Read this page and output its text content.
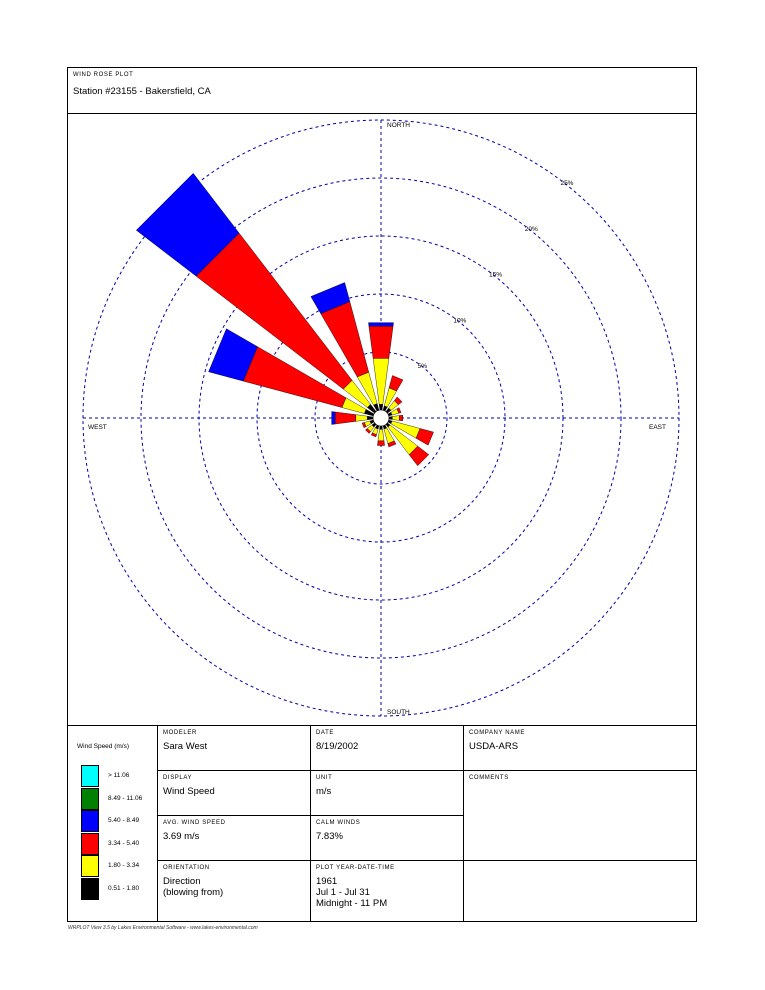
WIND ROSE PLOT
Station #23155 - Bakersfield, CA
5%
10%
15%
20%
25%
NORTH
SOUTH
EAST
WEST
Wind Speed (m/s)
> 11.06
8.49 - 11.06
5.40 - 8.49
3.34 - 5.40
1.80 - 3.34
0.51 - 1.80
MODELER
Sara West
DATE
8/19/2002
COMPANY NAME
USDA-ARS
DISPLAY
Wind Speed
UNIT
m/s
COMMENTS
AVG. WIND SPEED
3.69 m/s
CALM WINDS
7.83%
ORIENTATION
Direction
(blowing from)
PLOT YEAR-DATE-TIME
1961
Jul 1 - Jul 31
Midnight - 11 PM
WRPLOT View 3.5 by Lakes Environmental Software - www.lakes-environmental.com
